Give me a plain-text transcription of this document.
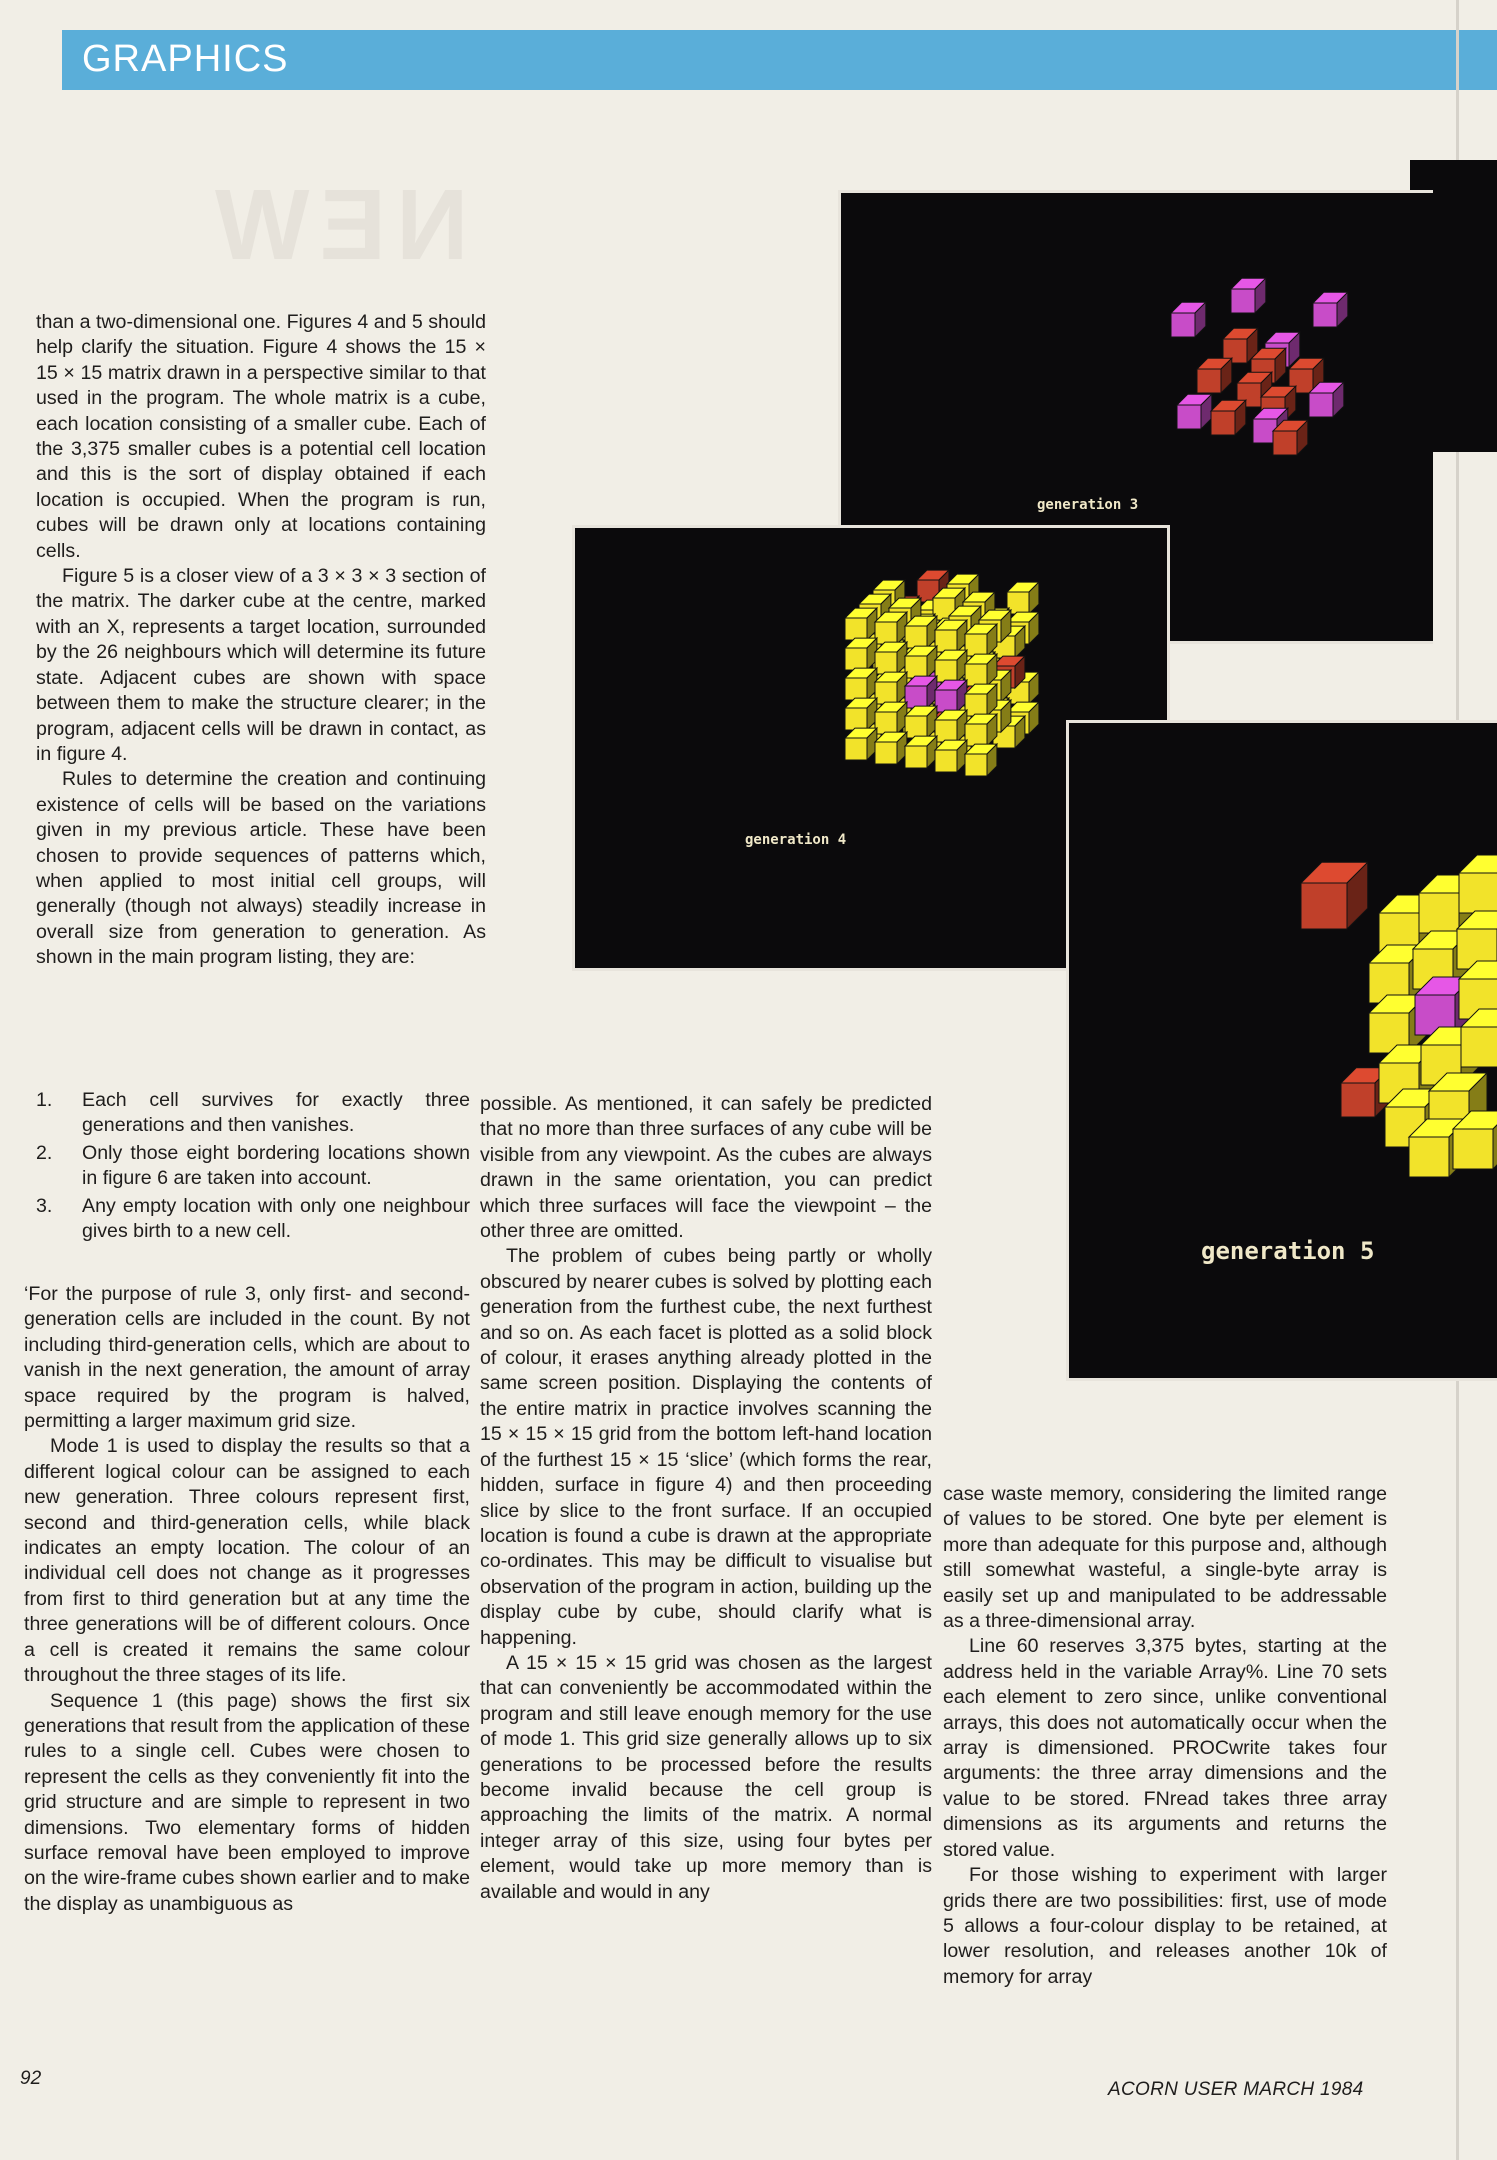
NEW
GRAPHICS

than a two-dimensional one. Figures 4 and 5 should help clarify the situation. Figure 4 shows the 15 × 15 × 15 matrix drawn in a perspective similar to that used in the program. The whole matrix is a cube, each location consisting of a smaller cube. Each of the 3,375 smaller cubes is a potential cell location and this is the sort of display obtained if each location is occupied. When the program is run, cubes will be drawn only at locations containing cells.

Figure 5 is a closer view of a 3 × 3 × 3 section of the matrix. The darker cube at the centre, marked with an X, represents a target location, surrounded by the 26 neighbours which will determine its future state. Adjacent cubes are shown with space between them to make the structure clearer; in the program, adjacent cells will be drawn in contact, as in figure 4.

Rules to determine the creation and continuing existence of cells will be based on the variations given in my previous article. These have been chosen to provide sequences of patterns which, when applied to most initial cell groups, will generally (though not always) steadily increase in overall size from generation to generation. As shown in the main program listing, they are:

1. Each cell survives for exactly three generations and then vanishes.
2. Only those eight bordering locations shown in figure 6 are taken into account.
3. Any empty location with only one neighbour gives birth to a new cell.

‘For the purpose of rule 3, only first- and second-generation cells are included in the count. By not including third-generation cells, which are about to vanish in the next generation, the amount of array space required by the program is halved, permitting a larger maximum grid size.

Mode 1 is used to display the results so that a different logical colour can be assigned to each new generation. Three colours represent first, second and third-generation cells, while black indicates an empty location. The colour of an individual cell does not change as it progresses from first to third generation but at any time the three generations will be of different colours. Once a cell is created it remains the same colour throughout the three stages of its life.

Sequence 1 (this page) shows the first six generations that result from the application of these rules to a single cell. Cubes were chosen to represent the cells as they conveniently fit into the grid structure and are simple to represent in two dimensions. Two elementary forms of hidden surface removal have been employed to improve on the wire-frame cubes shown earlier and to make the display as unambiguous as

possible. As mentioned, it can safely be predicted that no more than three surfaces of any cube will be visible from any viewpoint. As the cubes are always drawn in the same orientation, you can predict which three surfaces will face the viewpoint – the other three are omitted.

The problem of cubes being partly or wholly obscured by nearer cubes is solved by plotting each generation from the furthest cube, the next furthest and so on. As each facet is plotted as a solid block of colour, it erases anything already plotted in the same screen position. Displaying the contents of the entire matrix in practice involves scanning the 15 × 15 × 15 grid from the bottom left-hand location of the furthest 15 × 15 ‘slice’ (which forms the rear, hidden, surface in figure 4) and then proceeding slice by slice to the front surface. If an occupied location is found a cube is drawn at the appropriate co-ordinates. This may be difficult to visualise but observation of the program in action, building up the display cube by cube, should clarify what is happening.

A 15 × 15 × 15 grid was chosen as the largest that can conveniently be accommodated within the program and still leave enough memory for the use of mode 1. This grid size generally allows up to six generations to be processed before the results become invalid because the cell group is approaching the limits of the matrix. A normal integer array of this size, using four bytes per element, would take up more memory than is available and would in any

case waste memory, considering the limited range of values to be stored. One byte per element is more than adequate for this purpose and, although still somewhat wasteful, a single-byte array is easily set up and manipulated to be addressable as a three-dimensional array.

Line 60 reserves 3,375 bytes, starting at the address held in the variable Array%. Line 70 sets each element to zero since, unlike conventional arrays, this does not automatically occur when the array is dimensioned. PROCwrite takes four arguments: the three array dimensions and the value to be stored. FNread takes three array dimensions as its arguments and returns the stored value.

For those wishing to experiment with larger grids there are two possibilities: first, use of mode 5 allows a four-colour display to be retained, at lower resolution, and releases another 10k of memory for array

generation 3
generation 4
generation 5
92
ACORN USER MARCH 1984
